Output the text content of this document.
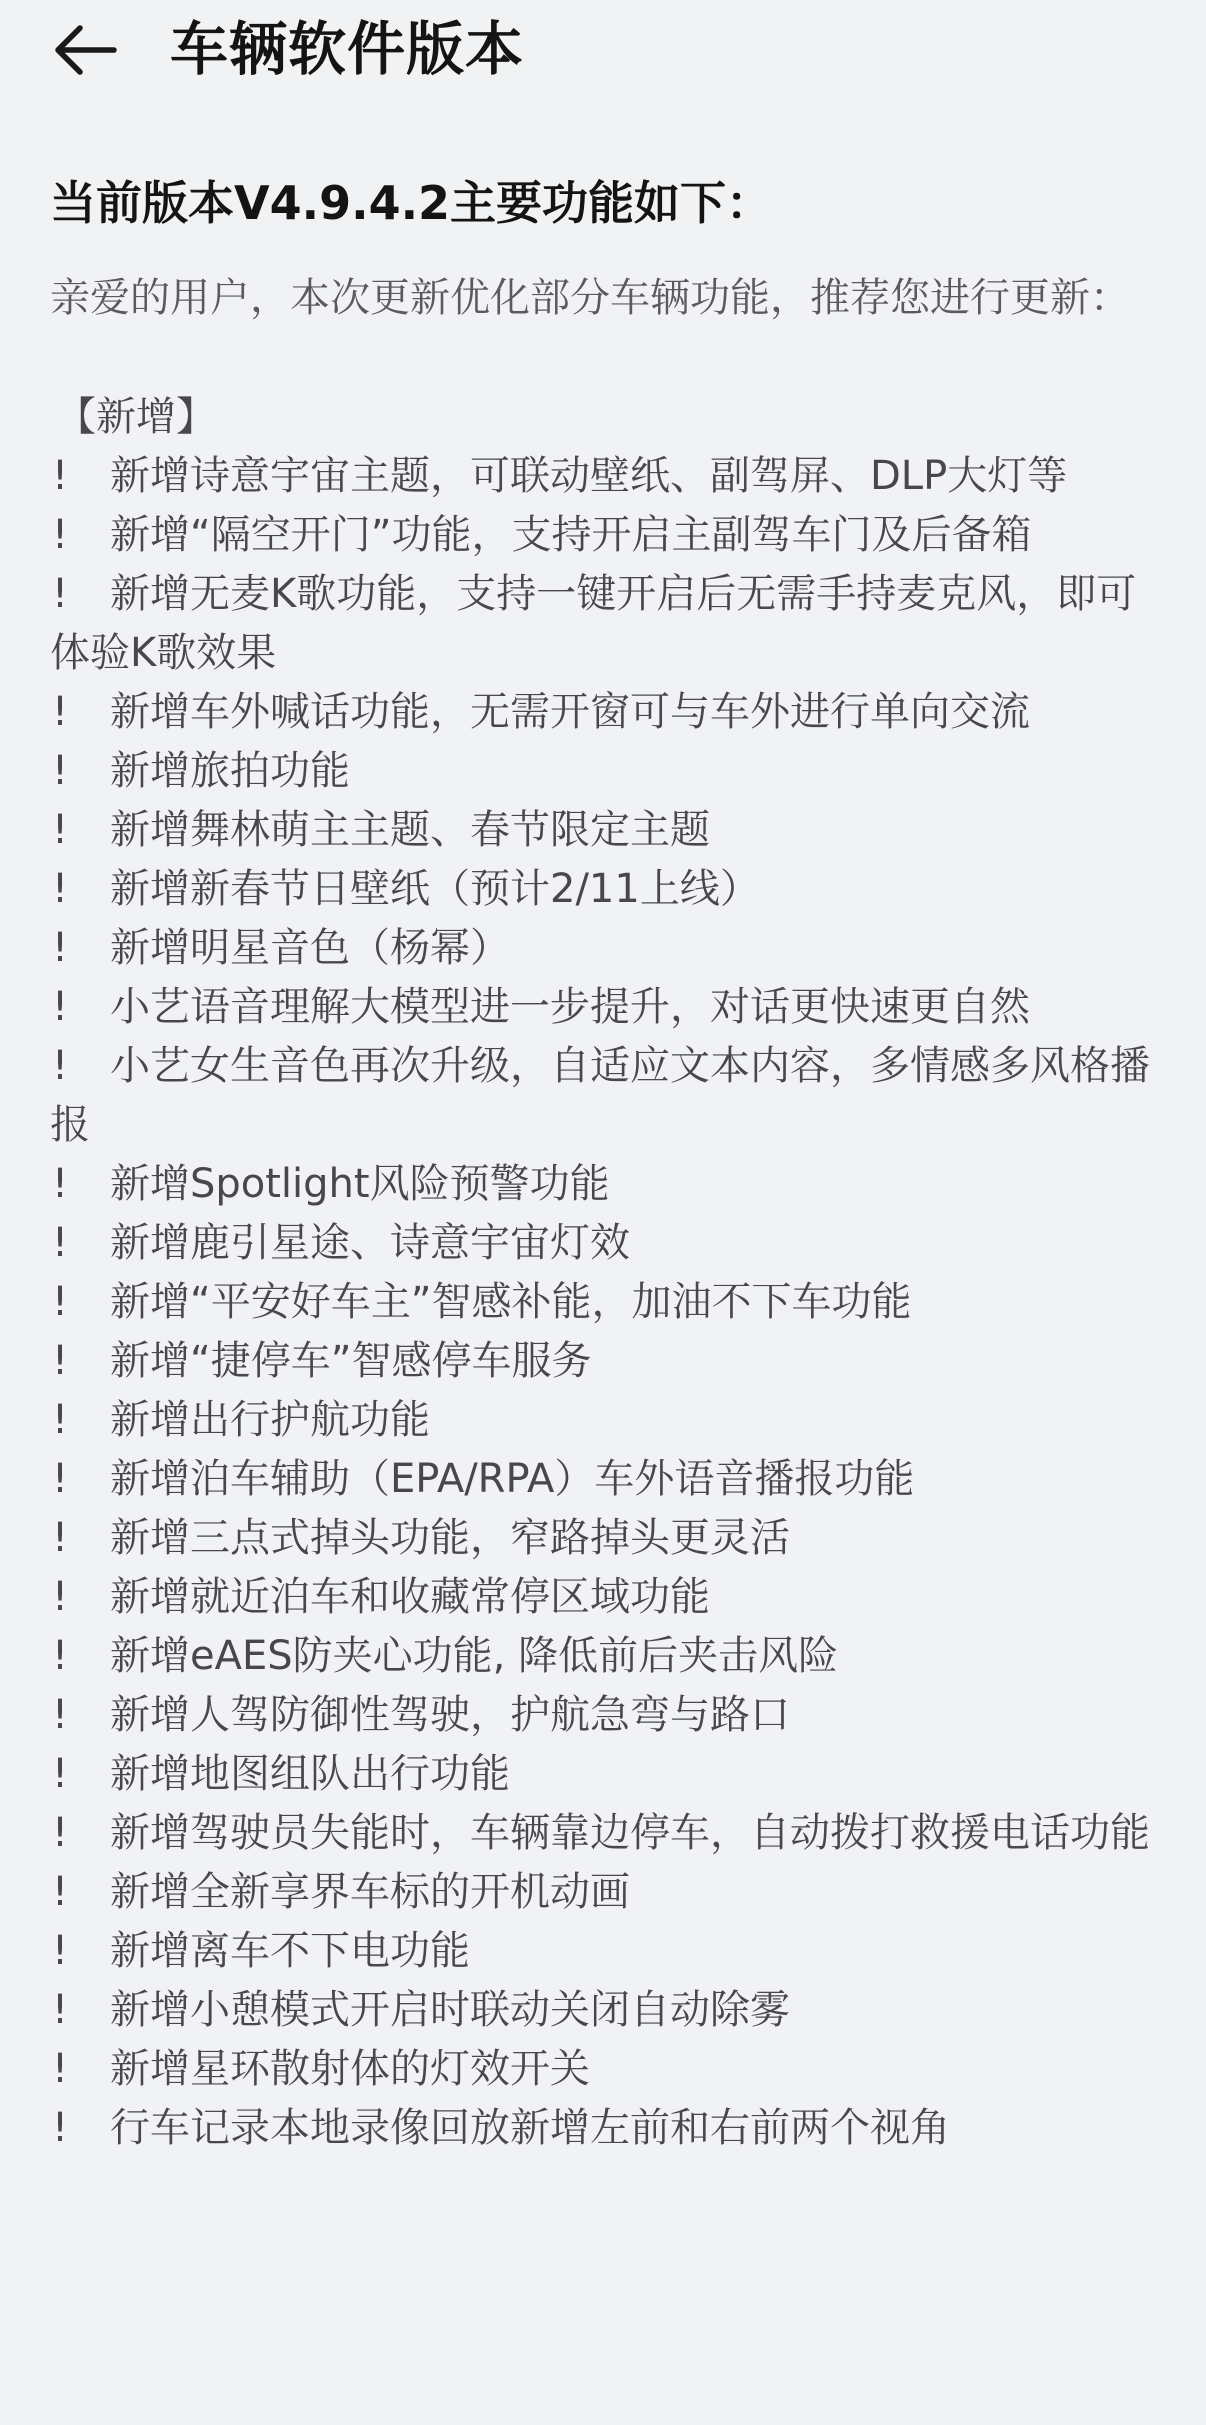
车辆软件版本
当前版本V4.9.4.2主要功能如下：
亲爱的用户，本次更新优化部分车辆功能，推荐您进行更新：
【新增】
! 新增诗意宇宙主题，可联动壁纸、副驾屏、DLP大灯等
! 新增“隔空开门”功能，支持开启主副驾车门及后备箱
! 新增无麦K歌功能，支持一键开启后无需手持麦克风，即可体验K歌效果
! 新增车外喊话功能，无需开窗可与车外进行单向交流
! 新增旅拍功能
! 新增舞林萌主主题、春节限定主题
! 新增新春节日壁纸（预计2/11上线）
! 新增明星音色（杨幂）
! 小艺语音理解大模型进一步提升，对话更快速更自然
! 小艺女生音色再次升级，自适应文本内容，多情感多风格播报
! 新增Spotlight风险预警功能
! 新增鹿引星途、诗意宇宙灯效
! 新增“平安好车主”智感补能，加油不下车功能
! 新增“捷停车”智感停车服务
! 新增出行护航功能
! 新增泊车辅助（EPA/RPA）车外语音播报功能
! 新增三点式掉头功能，窄路掉头更灵活
! 新增就近泊车和收藏常停区域功能
! 新增eAES防夹心功能, 降低前后夹击风险
! 新增人驾防御性驾驶，护航急弯与路口
! 新增地图组队出行功能
! 新增驾驶员失能时，车辆靠边停车，自动拨打救援电话功能
! 新增全新享界车标的开机动画
! 新增离车不下电功能
! 新增小憩模式开启时联动关闭自动除雾
! 新增星环散射体的灯效开关
! 行车记录本地录像回放新增左前和右前两个视角
